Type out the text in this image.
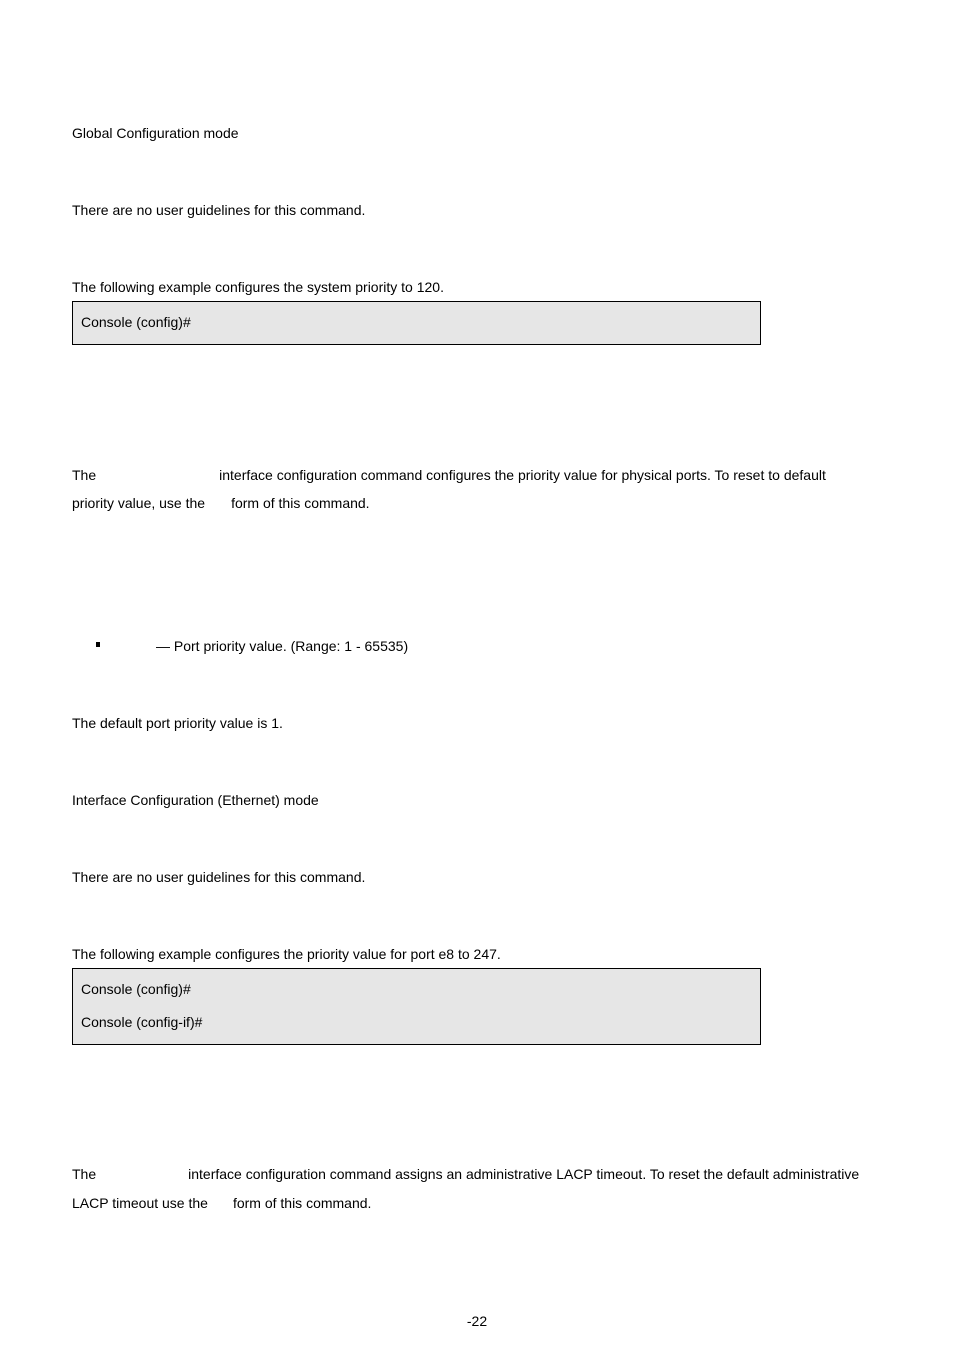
Global Configuration mode

There are no user guidelines for this command.

The following example configures the system priority to 120.

Console (config)#

The	interface configuration command configures the priority value for physical ports. To reset to default

priority value, use the form of this command.

— Port priority value. (Range: 1 - 65535)

The default port priority value is 1.

Interface Configuration (Ethernet) mode

There are no user guidelines for this command.

The following example configures the priority value for port e8 to 247.

Console (config)#
Console (config-if)#

The	interface configuration command assigns an administrative LACP timeout. To reset the default administrative

LACP timeout use the form of this command.

-22
